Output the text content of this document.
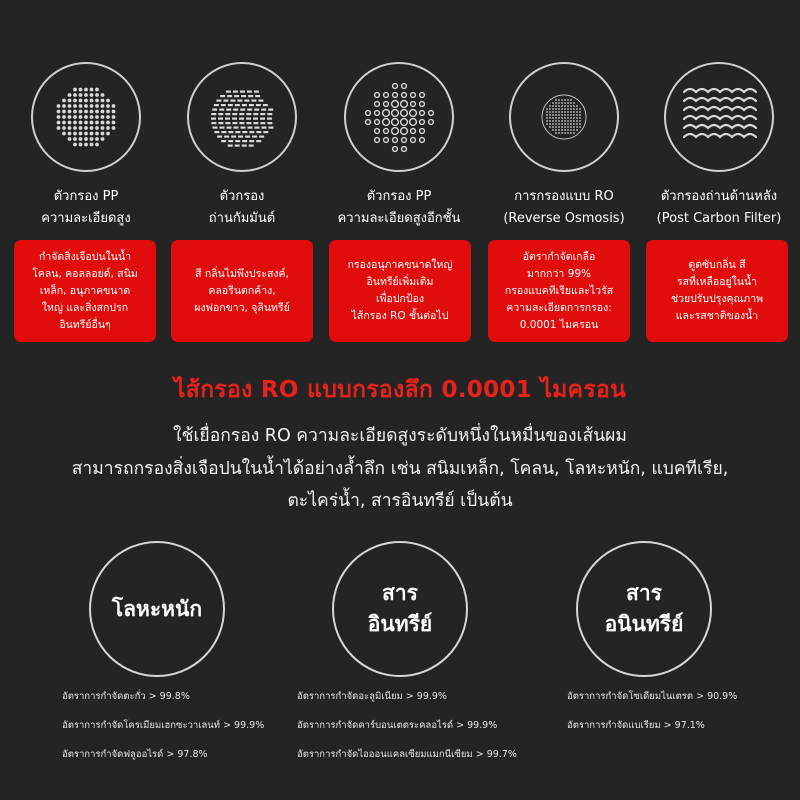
ตัวกรอง PP
ความละเอียดสูง
ตัวกรอง
ถ่านกัมมันต์
ตัวกรอง PP
ความละเอียดสูงอีกชั้น
การกรองแบบ RO
(Reverse Osmosis)
ตัวกรองถ่านด้านหลัง
(Post Carbon Filter)
กำจัดสิ่งเจือปนในน้ำ
โคลน, คอลลอยด์, สนิม
เหล็ก, อนุภาคขนาด
ใหญ่ และสิ่งสกปรก
อินทรีย์อื่นๆ
สี กลิ่นไม่พึงประสงค์,
คลอรีนตกค้าง,
ผงฟอกขาว, จุลินทรีย์
กรองอนุภาคขนาดใหญ่
อินทรีย์เพิ่มเติม
เพื่อปกป้อง
ไส้กรอง RO ชั้นต่อไป
อัตรากำจัดเกลือ
มากกว่า 99%
กรองแบคทีเรียและไวรัส
ความละเอียดการกรอง:
0.0001 ไมครอน
ดูดซับกลิ่น สี
รสที่เหลืออยู่ในน้ำ
ช่วยปรับปรุงคุณภาพ
และรสชาติของน้ำ
ไส้กรอง RO แบบกรองลึก 0.0001 ไมครอน
ใช้เยื่อกรอง RO ความละเอียดสูงระดับหนึ่งในหมื่นของเส้นผม
สามารถกรองสิ่งเจือปนในน้ำได้อย่างล้ำลึก เช่น สนิมเหล็ก, โคลน, โลหะหนัก, แบคทีเรีย,
ตะไคร่น้ำ, สารอินทรีย์ เป็นต้น
โลหะหนัก
สาร
อินทรีย์
สาร
อนินทรีย์
อัตราการกำจัดตะกั่ว > 99.8%
อัตราการกำจัดโครเมียมเฮกซะวาเลนท์ > 99.9%
อัตราการกำจัดฟลูออไรด์ > 97.8%
อัตราการกำจัดอะลูมิเนียม > 99.9%
อัตราการกำจัดคาร์บอนเตตระคลอไรด์ > 99.9%
อัตราการกำจัดไอออนแคลเซียมแมกนีเซียม > 99.7%
อัตราการกำจัดโซเดียมไนเตรต > 90.9%
อัตราการกำจัดแบเรียม > 97.1%
